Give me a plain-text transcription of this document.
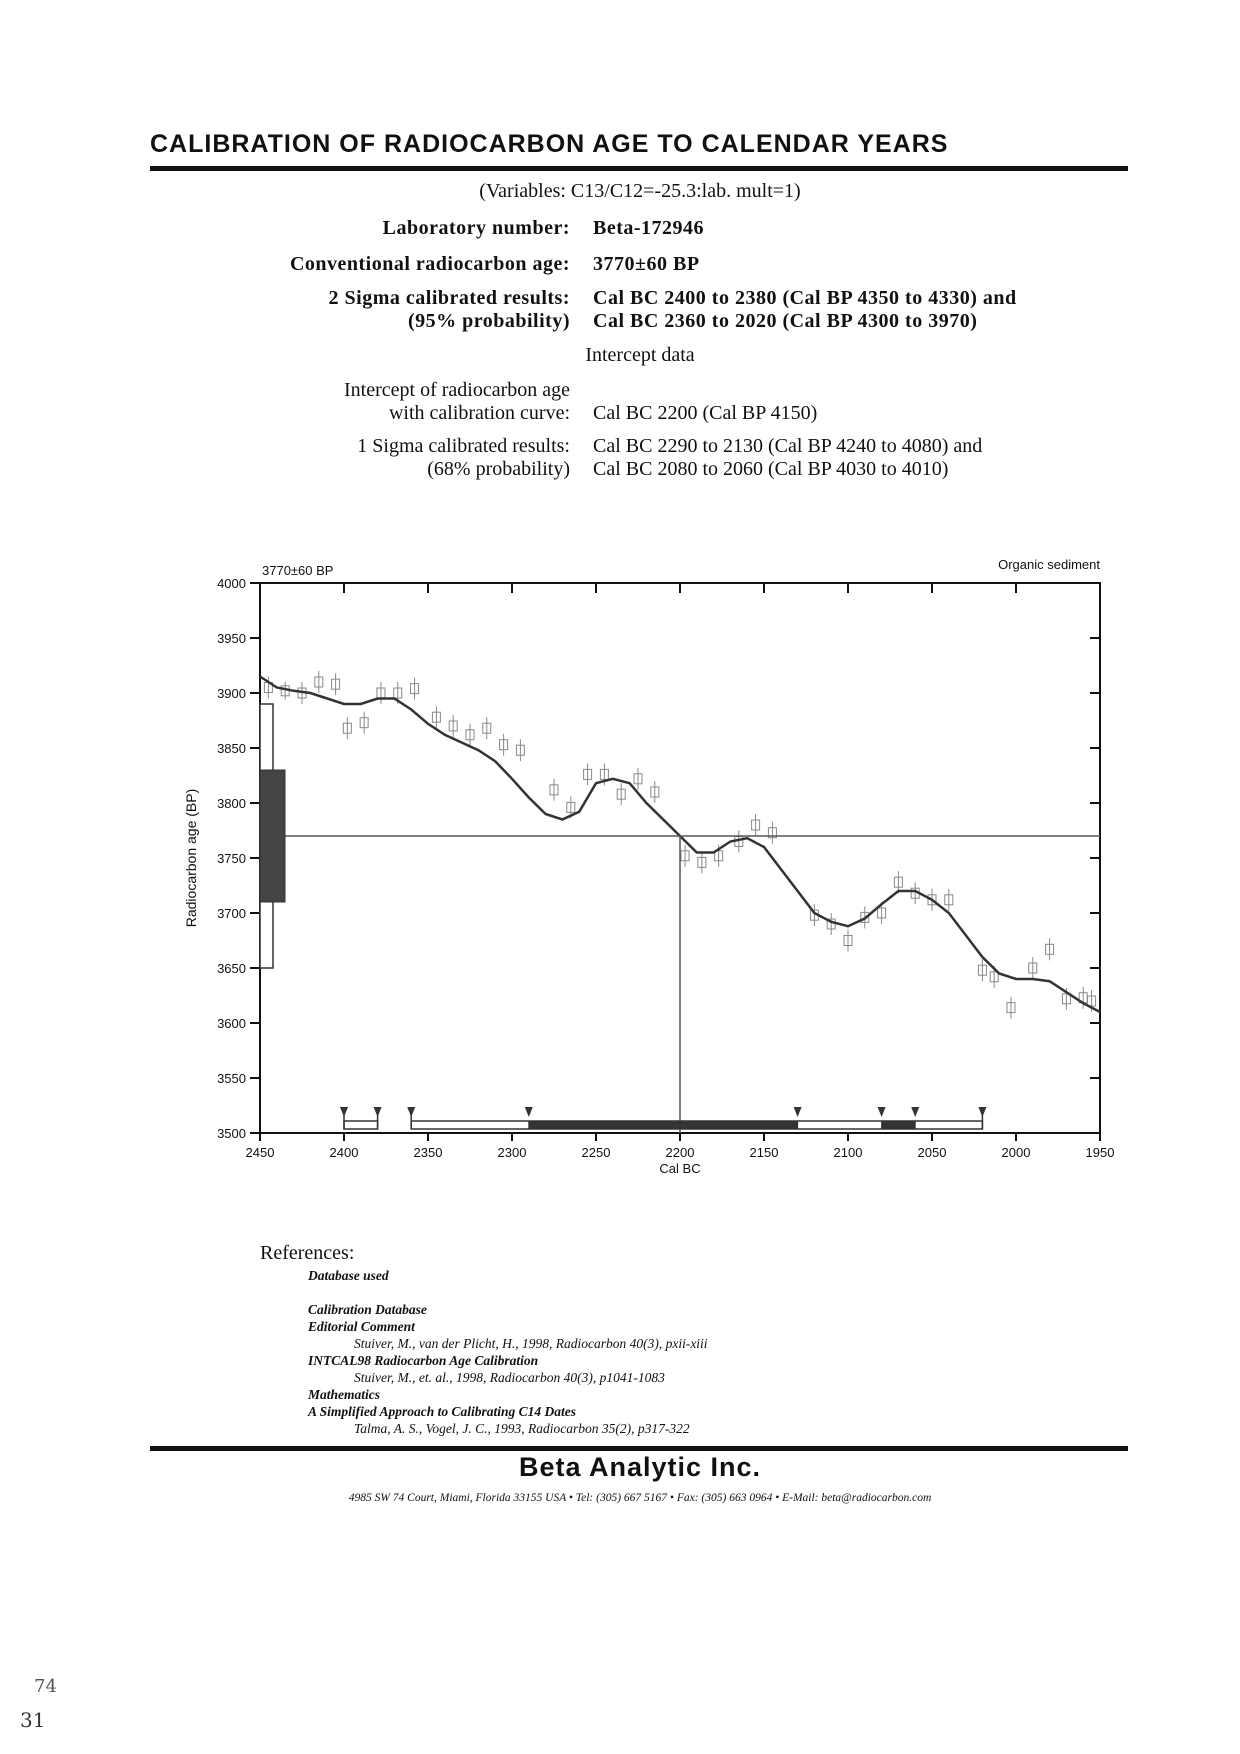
CALIBRATION OF RADIOCARBON AGE TO CALENDAR YEARS
(Variables: C13/C12=-25.3:lab. mult=1)
Laboratory number: Beta-172946
Conventional radiocarbon age: 3770±60 BP
2 Sigma calibrated results:
(95% probability)
Cal BC 2400 to 2380 (Cal BP 4350 to 4330) and
Cal BC 2360 to 2020 (Cal BP 4300 to 3970)
Intercept data
Intercept of radiocarbon age
with calibration curve: Cal BC 2200 (Cal BP 4150)
1 Sigma calibrated results:
(68% probability)
Cal BC 2290 to 2130 (Cal BP 4240 to 4080) and
Cal BC 2080 to 2060 (Cal BP 4030 to 4010)
3500
3550
3600
3650
3700
3750
3800
3850
3900
3950
4000
2450	2400	2350	2300	2250	2200	2150	2100	2050	2000	1950
Cal BC
Radiocarbon age (BP)
3770±60 BP	Organic sediment
References:
Database used
Calibration Database
Editorial Comment
Stuiver, M., van der Plicht, H., 1998, Radiocarbon 40(3), pxii-xiii
INTCAL98 Radiocarbon Age Calibration
Stuiver, M., et. al., 1998, Radiocarbon 40(3), p1041-1083
Mathematics
A Simplified Approach to Calibrating C14 Dates
Talma, A. S., Vogel, J. C., 1993, Radiocarbon 35(2), p317-322
Beta Analytic Inc.
4985 SW 74 Court, Miami, Florida 33155 USA • Tel: (305) 667 5167 • Fax: (305) 663 0964 • E-Mail: beta@radiocarbon.com
74
31
